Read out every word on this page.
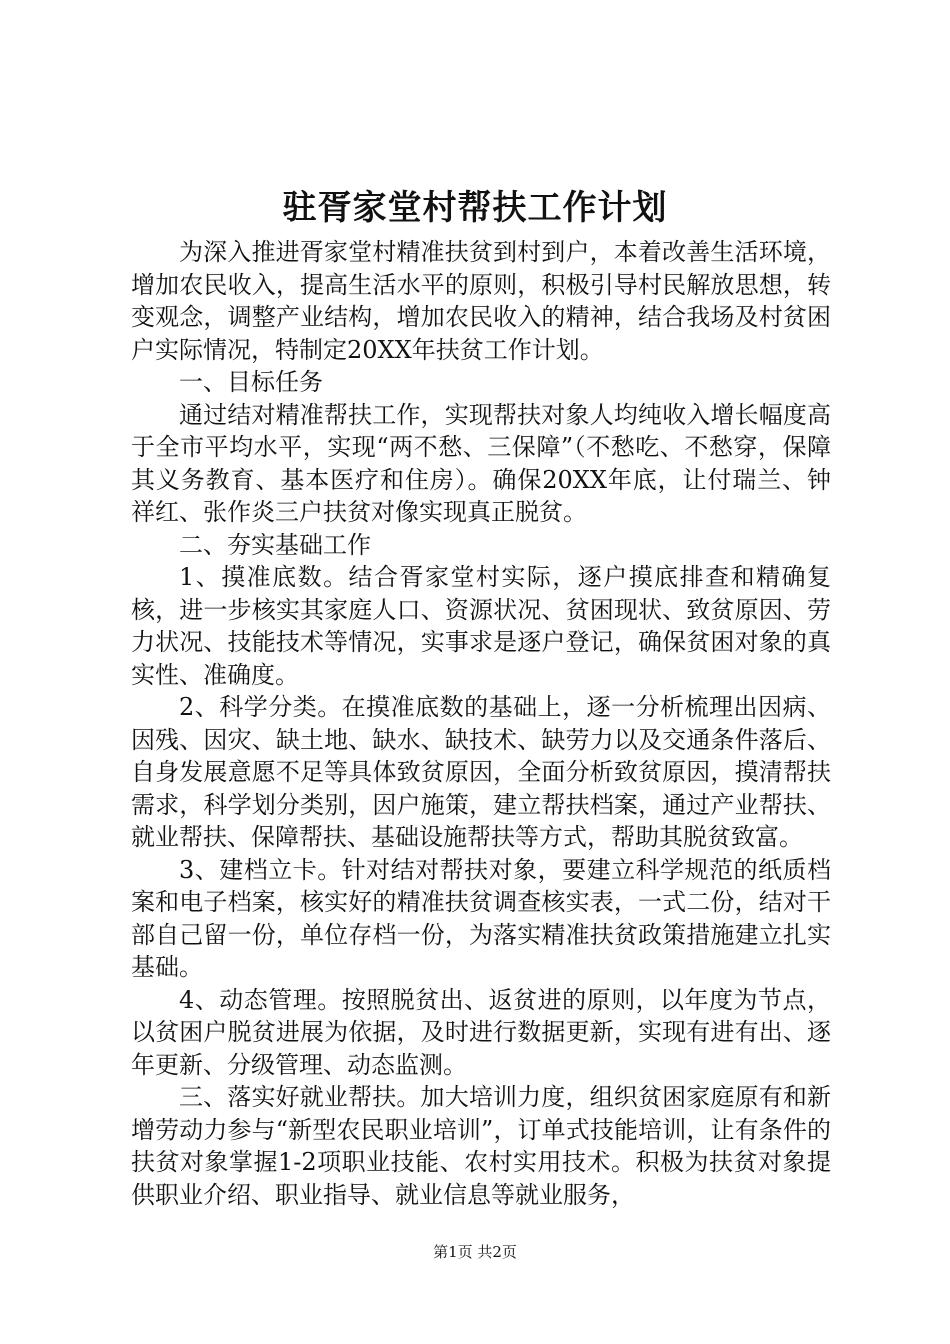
驻胥家堂村帮扶工作计划

为深入推进胥家堂村精准扶贫到村到户，本着改善生活环境，增加农民收入，提高生活水平的原则，积极引导村民解放思想，转变观念，调整产业结构，增加农民收入的精神，结合我场及村贫困户实际情况，特制定20XX年扶贫工作计划。

一、目标任务

通过结对精准帮扶工作，实现帮扶对象人均纯收入增长幅度高于全市平均水平，实现“两不愁、三保障”（不愁吃、不愁穿，保障其义务教育、基本医疗和住房）。确保20XX年底，让付瑞兰、钟祥红、张作炎三户扶贫对像实现真正脱贫。

二、夯实基础工作

1、摸准底数。结合胥家堂村实际，逐户摸底排查和精确复核，进一步核实其家庭人口、资源状况、贫困现状、致贫原因、劳力状况、技能技术等情况，实事求是逐户登记，确保贫困对象的真实性、准确度。

2、科学分类。在摸准底数的基础上，逐一分析梳理出因病、因残、因灾、缺土地、缺水、缺技术、缺劳力以及交通条件落后、自身发展意愿不足等具体致贫原因，全面分析致贫原因，摸清帮扶需求，科学划分类别，因户施策，建立帮扶档案，通过产业帮扶、就业帮扶、保障帮扶、基础设施帮扶等方式，帮助其脱贫致富。

3、建档立卡。针对结对帮扶对象，要建立科学规范的纸质档案和电子档案，核实好的精准扶贫调查核实表，一式二份，结对干部自己留一份，单位存档一份，为落实精准扶贫政策措施建立扎实基础。

4、动态管理。按照脱贫出、返贫进的原则，以年度为节点，以贫困户脱贫进展为依据，及时进行数据更新，实现有进有出、逐年更新、分级管理、动态监测。

三、落实好就业帮扶。加大培训力度，组织贫困家庭原有和新增劳动力参与“新型农民职业培训”，订单式技能培训，让有条件的扶贫对象掌握1-2项职业技能、农村实用技术。积极为扶贫对象提供职业介绍、职业指导、就业信息等就业服务，

第1页 共2页
